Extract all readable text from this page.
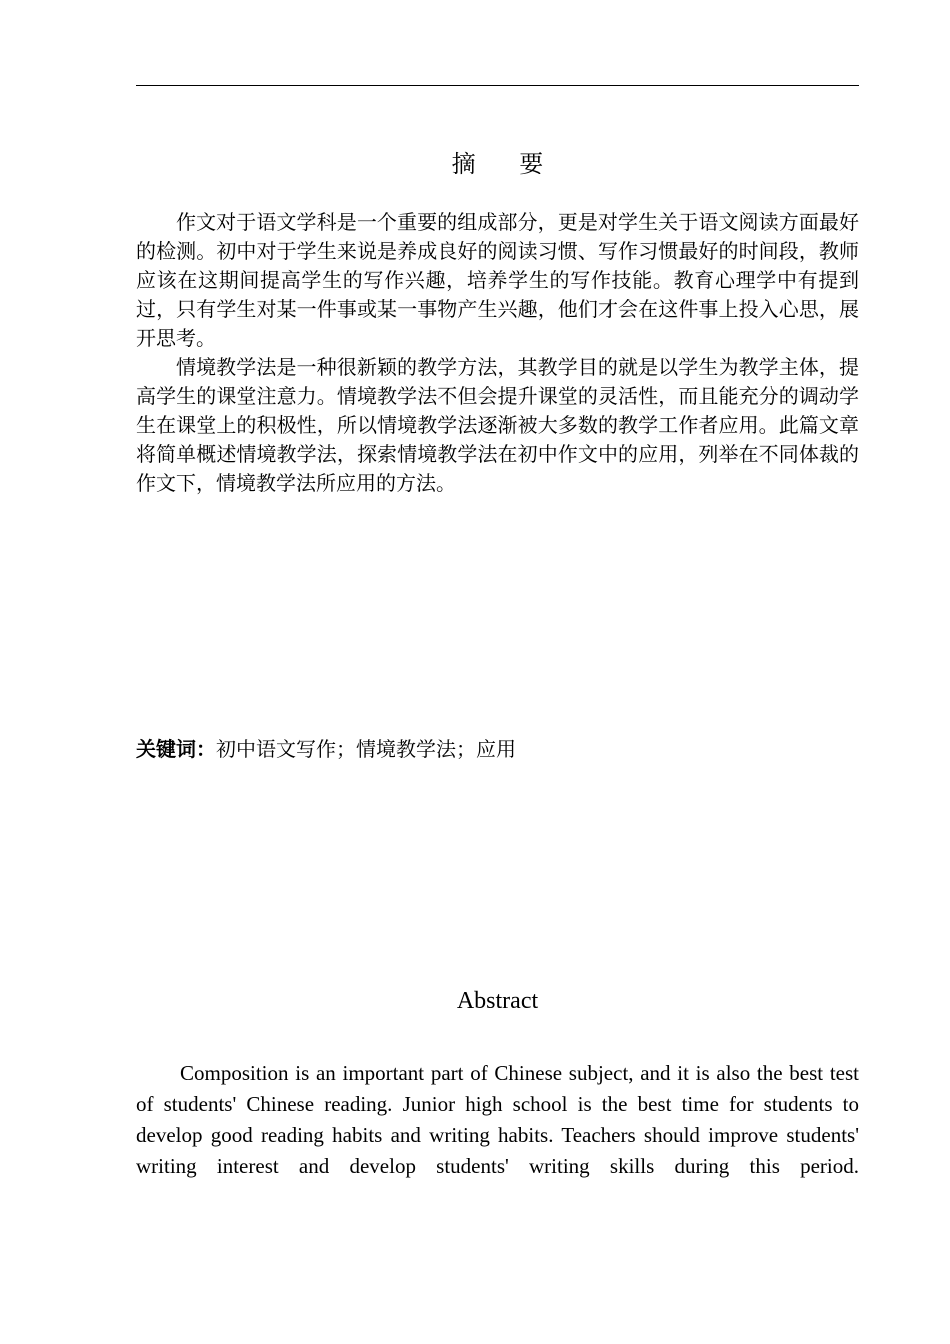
摘 要

作文对于语文学科是一个重要的组成部分，更是对学生关于语文阅读方面最好的检测。初中对于学生来说是养成良好的阅读习惯、写作习惯最好的时间段，教师应该在这期间提高学生的写作兴趣，培养学生的写作技能。教育心理学中有提到过，只有学生对某一件事或某一事物产生兴趣，他们才会在这件事上投入心思，展开思考。

情境教学法是一种很新颖的教学方法，其教学目的就是以学生为教学主体，提高学生的课堂注意力。情境教学法不但会提升课堂的灵活性，而且能充分的调动学生在课堂上的积极性，所以情境教学法逐渐被大多数的教学工作者应用。此篇文章将简单概述情境教学法，探索情境教学法在初中作文中的应用，列举在不同体裁的作文下，情境教学法所应用的方法。

关键词：初中语文写作；情境教学法；应用
Abstract

Composition is an important part of Chinese subject, and it is also the best test of students' Chinese reading. Junior high school is the best time for students to develop good reading habits and writing habits. Teachers should improve students' writing interest and develop students' writing skills during this period.
